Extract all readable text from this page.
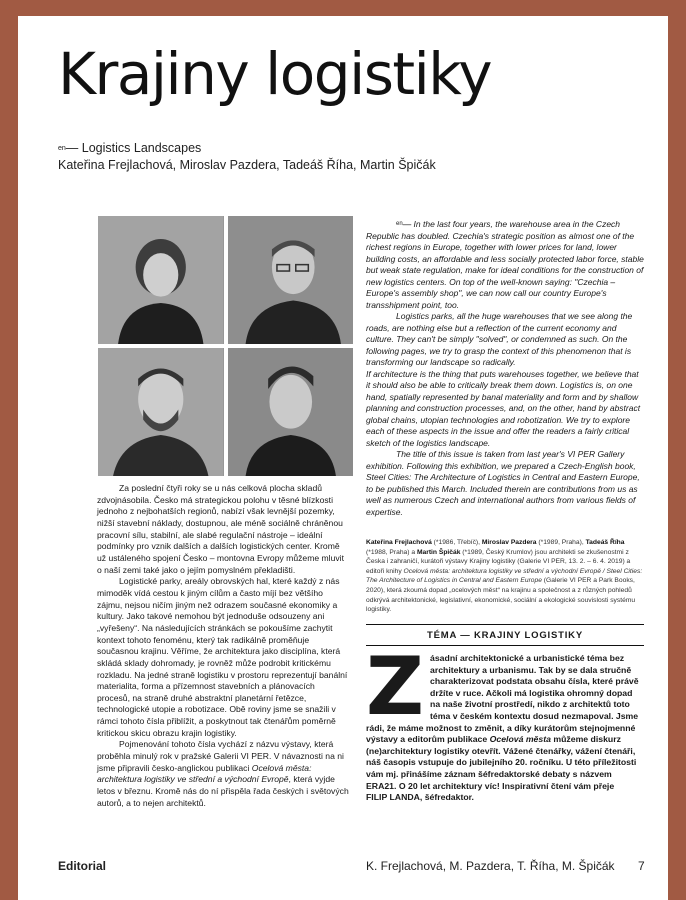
Krajiny logistiky
$^{en}$— Logistics Landscapes
Kateřina Frejlachová, Miroslav Pazdera, Tadeáš Říha, Martin Špičák

$^{en}$— In the last four years, the warehouse area in the Czech Republic has doubled. Czechia's strategic position as almost one of the richest regions in Europe, together with lower prices for land, lower building costs, an affordable and less socially protected labor force, stable but weak state regulation, make for ideal conditions for the construction of new logistics centers. On top of the well-known saying: "Czechia – Europe's assembly shop", we can now call our country Europe's transshipment point, too.

Logistics parks, all the huge warehouses that we see along the roads, are nothing else but a reflection of the current economy and culture. They can't be simply "solved", or condemned as such. On the following pages, we try to grasp the context of this phenomenon that is transforming our landscape so radically.

If architecture is the thing that puts warehouses together, we believe that it should also be able to critically break them down. Logistics is, on one hand, spatially represented by banal materiality and form and by shallow planning and construction processes, and, on the other, hand by abstract global chains, utopian technologies and robotization. We try to explore each of these aspects in the issue and offer the readers a fairly critical sketch of the logistics landscape.

The title of this issue is taken from last year's VI PER Gallery exhibition. Following this exhibition, we prepared a Czech-English book, Steel Cities: The Architecture of Logistics in Central and Eastern Europe, to be published this March. Included therein are contributions from us as well as numerous Czech and international authors from various fields of expertise.

Kateřina Frejlachová (*1986, Třebíč), Miroslav Pazdera (*1989, Praha), Tadeáš Říha (*1988, Praha) a Martin Špičák (*1989, Český Krumlov) jsou architekti se zkušenostmi z Česka i zahraničí, kurátoři výstavy Krajiny logistiky (Galerie VI PER, 13. 2. – 6. 4. 2019) a editoři knihy Ocelová města: architektura logistiky ve střední a východní Evropě / Steel Cities: The Architecture of Logistics in Central and Eastern Europe (Galerie VI PER a Park Books, 2020), která zkoumá dopad „ocelových měst“ na krajinu a společnost a z různých pohledů odkrývá architektonické, legislativní, ekonomické, sociální a ekologické souvislosti systému logistiky.

Za poslední čtyři roky se u nás celková plocha skladů zdvojnásobila. Česko má strategickou polohu v těsné blízkosti jednoho z nejbohatších regionů, nabízí však levnější pozemky, nižší stavební náklady, dostupnou, ale méně sociálně chráněnou pracovní sílu, stabilní, ale slabé regulační nástroje – ideální podmínky pro vznik dalších a dalších logistických center. Kromě už ustáleného spojení Česko – montovna Evropy můžeme mluvit o naší zemi také jako o jejím pomyslném překladišti.

Logistické parky, areály obrovských hal, které každý z nás mimoděk vídá cestou k jiným cílům a často míjí bez většího zájmu, nejsou ničím jiným než odrazem současné ekonomiky a kultury. Jako takové nemohou být jednoduše odsouzeny ani „vyřešeny“. Na následujících stránkách se pokoušíme zachytit kontext tohoto fenoménu, který tak radikálně proměňuje současnou krajinu. Věříme, že architektura jako disciplína, která skládá sklady dohromady, je rovněž může podrobit kritickému rozkladu. Na jedné straně logistiku v prostoru reprezentují banální materialita, forma a přízemnost stavebních a plánovacích procesů, na straně druhé abstraktní planetární řetězce, technologické utopie a robotizace. Obě roviny jsme se snažili v rámci tohoto čísla přiblížit, a poskytnout tak čtenářům poměrně kritickou skicu obrazu krajin logistiky.

Pojmenování tohoto čísla vychází z názvu výstavy, která proběhla minulý rok v pražské Galerii VI PER. V návaznosti na ni jsme připravili česko-anglickou publikaci Ocelová města: architektura logistiky ve střední a východní Evropě, která vyjde letos v březnu. Kromě nás do ní přispěla řada českých i světových autorů, a to nejen architektů.

TÉMA — KRAJINY LOGISTIKY
Zásadní architektonické a urbanistické téma bez architektury a urbanismu. Tak by se dala stručně charakterizovat podstata obsahu čísla, které právě držíte v ruce. Ačkoli má logistika ohromný dopad na naše životní prostředí, nikdo z architektů toto téma v českém kontextu dosud nezmapoval. Jsme rádi, že máme možnost to změnit, a díky kurátorům stejnojmenné výstavy a editorům publikace Ocelová města můžeme diskurz (ne)architektury logistiky otevřít. Vážené čtenářky, vážení čtenáři, náš časopis vstupuje do jubilejního 20. ročníku. U této příležitosti vám mj. přinášíme záznam šéfredaktorské debaty s názvem ERA21. O 20 let architektury víc! Inspirativní čtení vám přeje
FILIP LANDA, šéfredaktor.
Editorial	K. Frejlachová, M. Pazdera, T. Říha, M. Špičák 7
